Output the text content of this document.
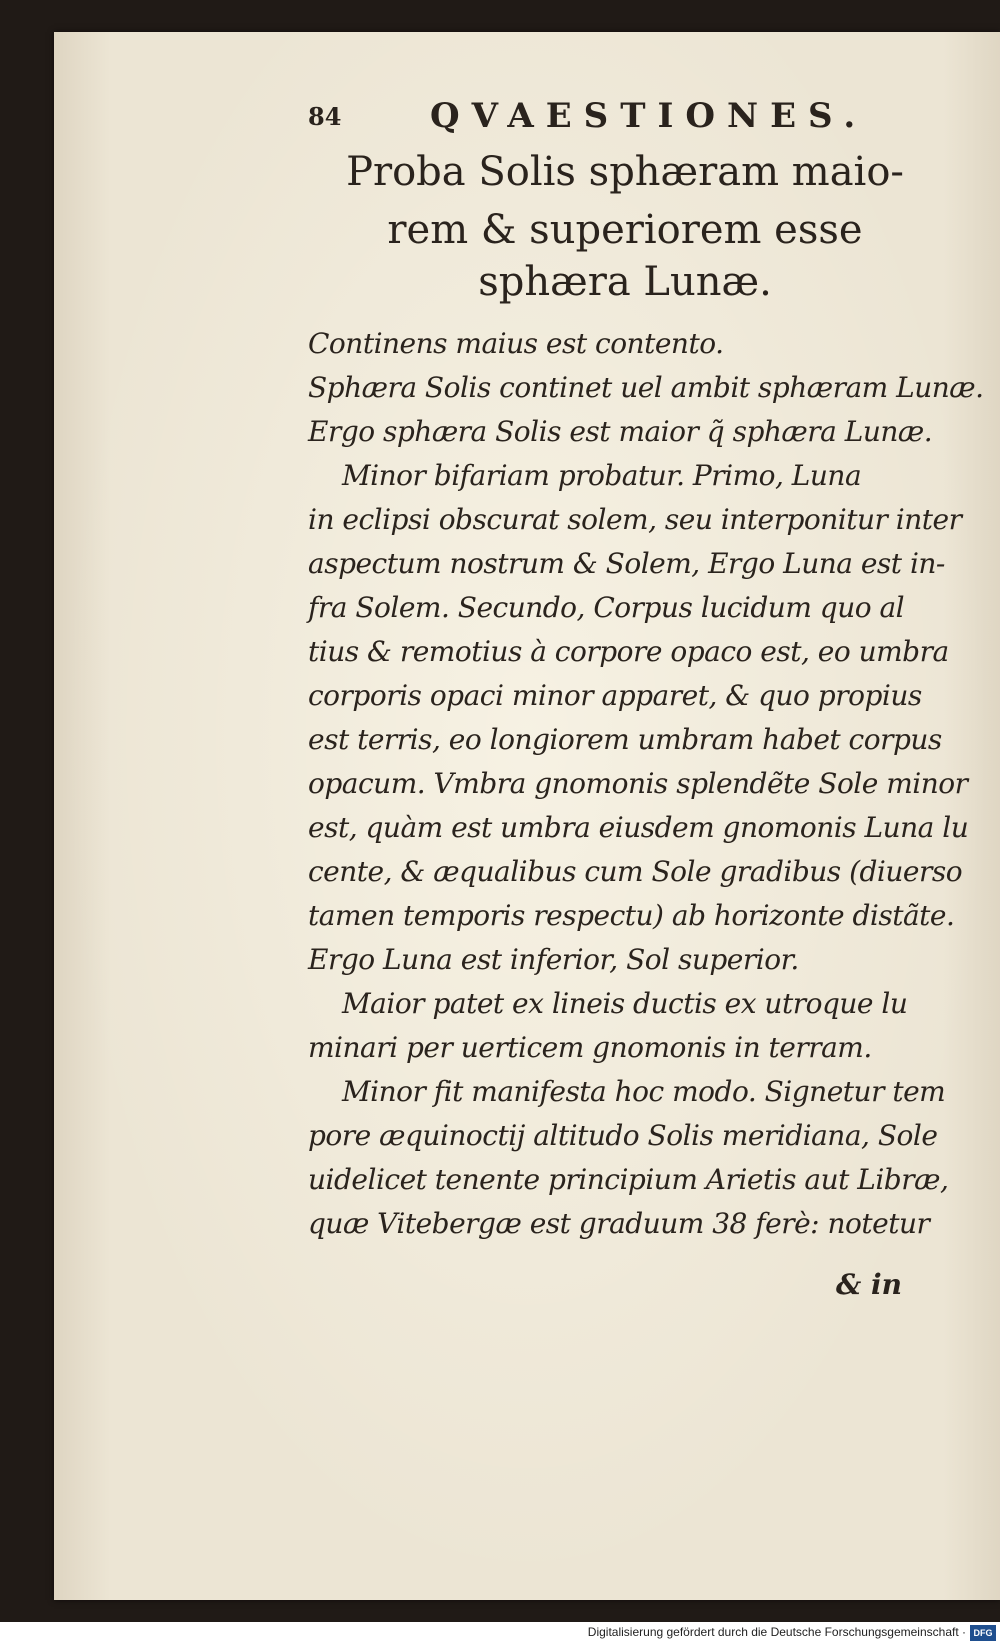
84	QVAESTIONES.
Proba Solis sphæram maio-
rem & superiorem esse
sphæra Lunæ.
Continens maius est contento.
Sphæra Solis continet uel ambit sphæram Lunæ.
Ergo sphæra Solis est maior q̃ sphæra Lunæ.
Minor bifariam probatur. Primo, Luna
in eclipsi obscurat solem, seu interponitur inter
aspectum nostrum & Solem, Ergo Luna est in-
fra Solem. Secundo, Corpus lucidum quo al
tius & remotius à corpore opaco est, eo umbra
corporis opaci minor apparet, & quo propius
est terris, eo longiorem umbram habet corpus
opacum. Vmbra gnomonis splendẽte Sole minor
est, quàm est umbra eiusdem gnomonis Luna lu
cente, & æqualibus cum Sole gradibus (diuerso
tamen temporis respectu) ab horizonte distãte.
Ergo Luna est inferior, Sol superior.
Maior patet ex lineis ductis ex utroque lu
minari per uerticem gnomonis in terram.
Minor fit manifesta hoc modo. Signetur tem
pore æquinoctij altitudo Solis meridiana, Sole
uidelicet tenente principium Arietis aut Libræ,
quæ Vitebergæ est graduum 38 ferè: notetur
& in
Digitalisierung gefördert durch die Deutsche Forschungsgemeinschaft · DFG
